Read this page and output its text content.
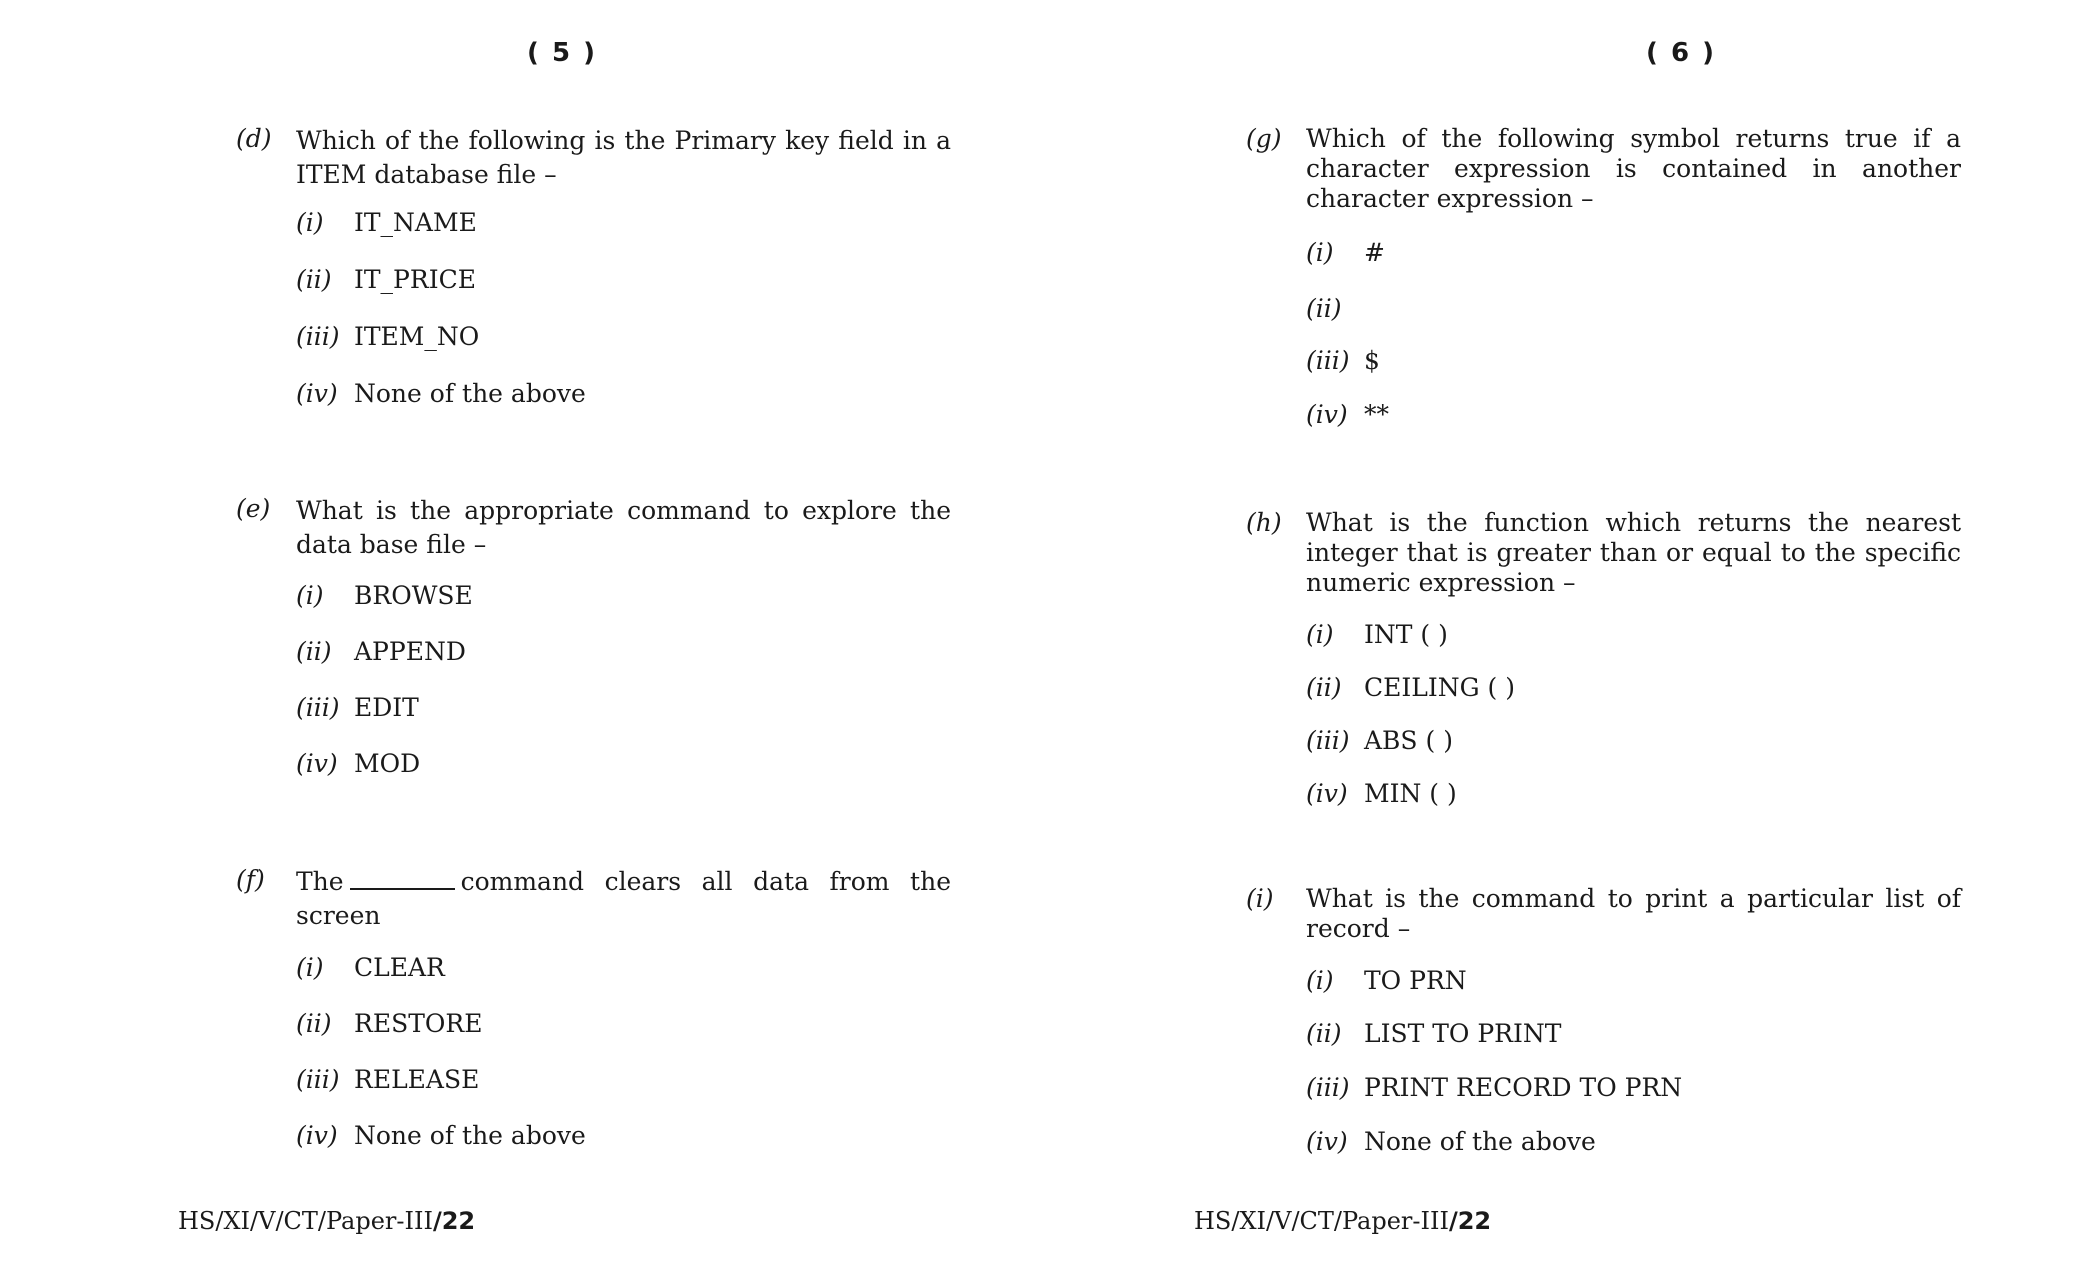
( 5 )
(d) Which of the following is the Primary key field in a ITEM database file –
(i) IT_NAME
(ii) IT_PRICE
(iii) ITEM_NO
(iv) None of the above
(e) What is the appropriate command to explore the data base file –
(i) BROWSE
(ii) APPEND
(iii) EDIT
(iv) MOD
(f) The	command clears all data from the screen
(i) CLEAR
(ii) RESTORE
(iii) RELEASE
(iv) None of the above
HS/XI/V/CT/Paper-III/22
( 6 )
(g) Which of the following symbol returns true if a character expression is contained in another character expression –
(i) #
(ii)
(iii) $
(iv) **
(h) What is the function which returns the nearest integer that is greater than or equal to the specific numeric expression –
(i) INT ( )
(ii) CEILING ( )
(iii) ABS ( )
(iv) MIN ( )
(i) What is the command to print a particular list of record –
(i) TO PRN
(ii) LIST TO PRINT
(iii) PRINT RECORD TO PRN
(iv) None of the above
HS/XI/V/CT/Paper-III/22
